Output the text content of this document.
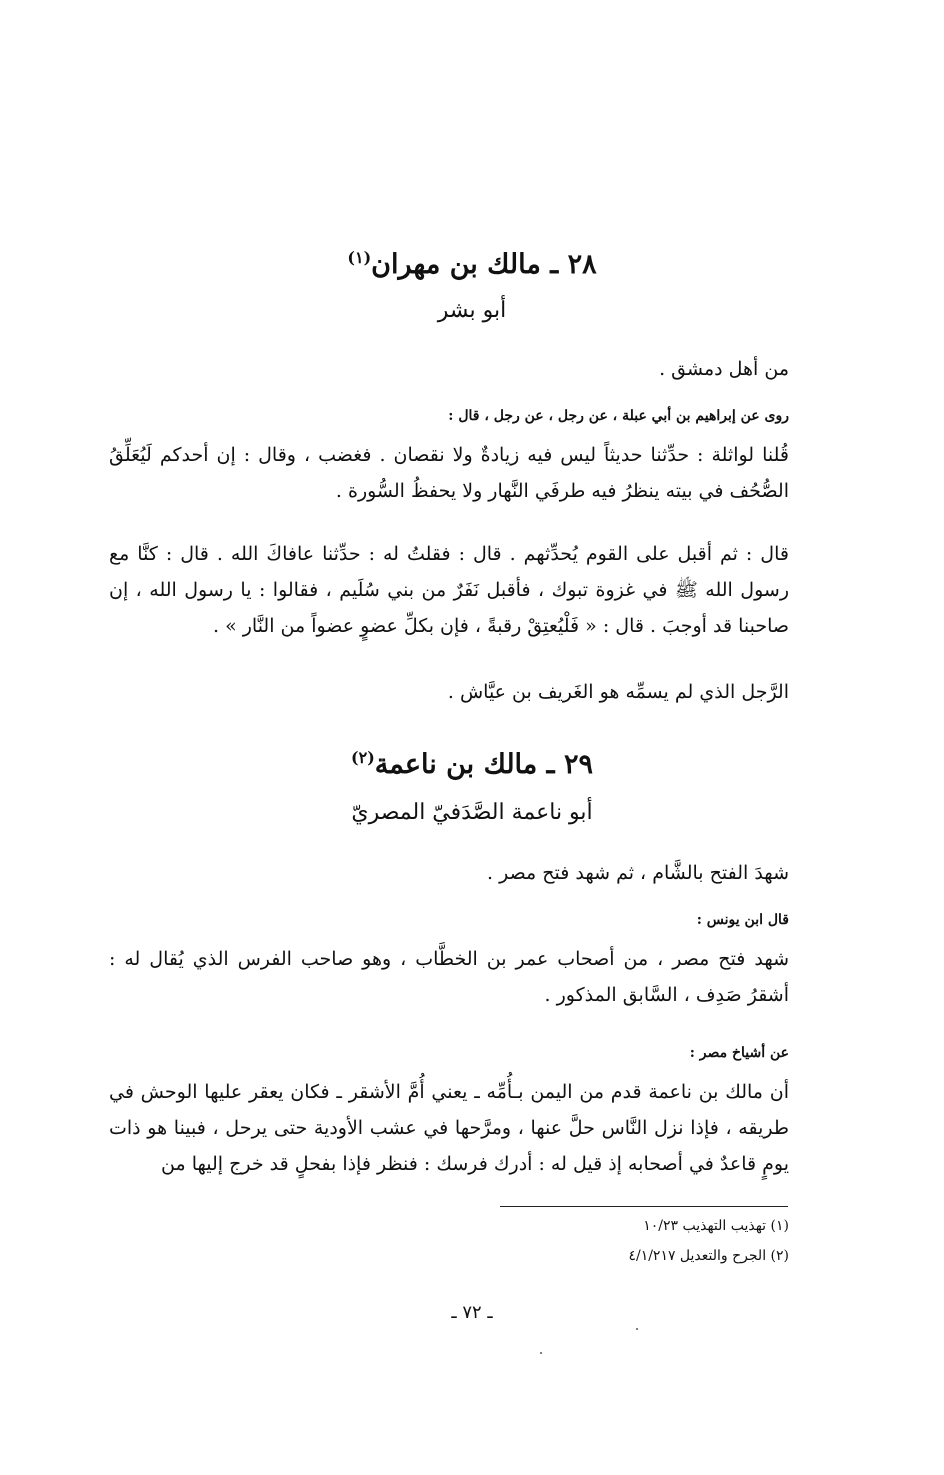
٢٨ ـ مالك بن مهران$^{(١)}$
أبو بشر
من أهل دمشق .
روى عن إبراهيم بن أبي عبلة ، عن رجل ، عن رجل ، قال :
قُلنا لواثلة : حدِّثنا حديثاً ليس فيه زيادةٌ ولا نقصان . فغضب ، وقال : إن أحدكم لَيُعَلِّقُ الصُّحُف في بيته ينظرُ فيه طرفَي النَّهار ولا يحفظُ السُّورة .
قال : ثم أقبل على القوم يُحدِّثهم . قال : فقلتُ له : حدِّثنا عافاكَ الله . قال : كنَّا مع رسول الله ﷺ في غزوة تبوك ، فأقبل نَفَرٌ من بني سُلَيم ، فقالوا : يا رسول الله ، إن صاحبنا قد أوجبَ . قال : « فَلْيُعتِقْ رقبةً ، فإن بكلِّ عضوٍ عضواً من النَّار » .
الرَّجل الذي لم يسمِّه هو الغَريف بن عيَّاش .
٢٩ ـ مالك بن ناعمة$^{(٢)}$
أبو ناعمة الصَّدَفيّ المصريّ
شهدَ الفتح بالشَّام ، ثم شهد فتح مصر .
قال ابن يونس :
شهد فتح مصر ، من أصحاب عمر بن الخطَّاب ، وهو صاحب الفرس الذي يُقال له : أشقرُ صَدِف ، السَّابق المذكور .
عن أشياخ مصر :
أن مالك بن ناعمة قدم من اليمن بـأُمِّه ـ يعني أُمَّ الأشقر ـ فكان يعقر عليها الوحش في طريقه ، فإذا نزل النَّاس حلَّ عنها ، ومرَّحها في عشب الأودية حتى يرحل ، فبينا هو ذات يومٍ قاعدٌ في أصحابه إذ قيل له : أدرك فرسك : فنظر فإذا بفحلٍ قد خرج إليها من
(١) تهذيب التهذيب ١٠/٢٣
(٢) الجرح والتعديل ٤/١/٢١٧
ـ ٧٢ ـ
